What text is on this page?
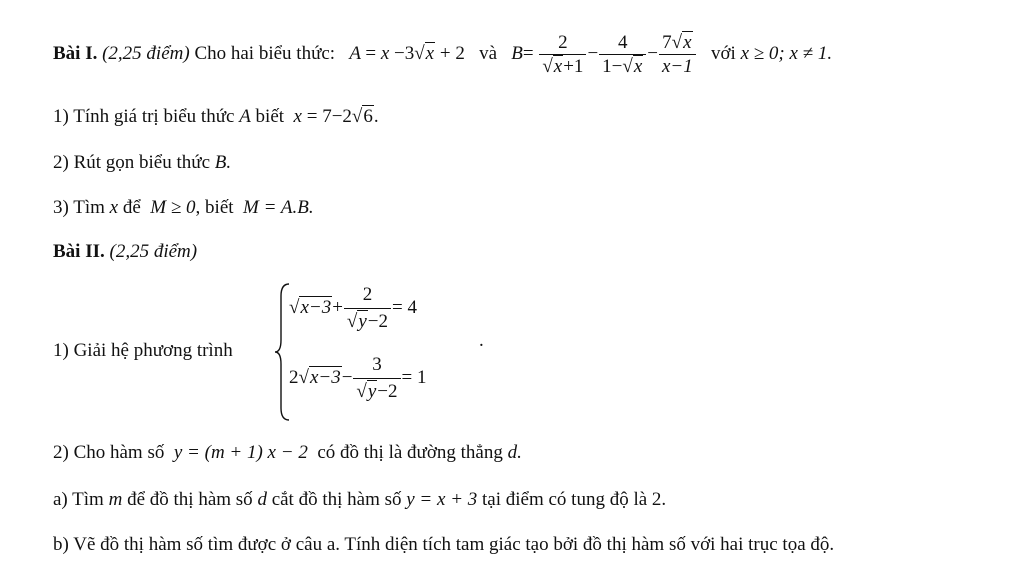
Bài I. (2,25 điểm) Cho hai biểu thức: A = x −3√x + 2 và $B= \frac{2}{√x+1} - \frac{4}{1-√x} - \frac{7√x}{x-1}$ với x ≥ 0; x ≠ 1.
1) Tính giá trị biểu thức A biết x = 7−2√6.
2) Rút gọn biểu thức B.
3) Tìm x để M ≥ 0, biết M = A.B.
Bài II. (2,25 điểm)
1) Giải hệ phương trình
$√x-3+ \frac{2}{√y-2} = 4$
$2√x-3- \frac{3}{√y-2} = 1$
.
2) Cho hàm số y = (m + 1) x − 2 có đồ thị là đường thẳng d.
a) Tìm m để đồ thị hàm số d cắt đồ thị hàm số y = x + 3 tại điểm có tung độ là 2.
b) Vẽ đồ thị hàm số tìm được ở câu a. Tính diện tích tam giác tạo bởi đồ thị hàm số với hai trục tọa độ.
